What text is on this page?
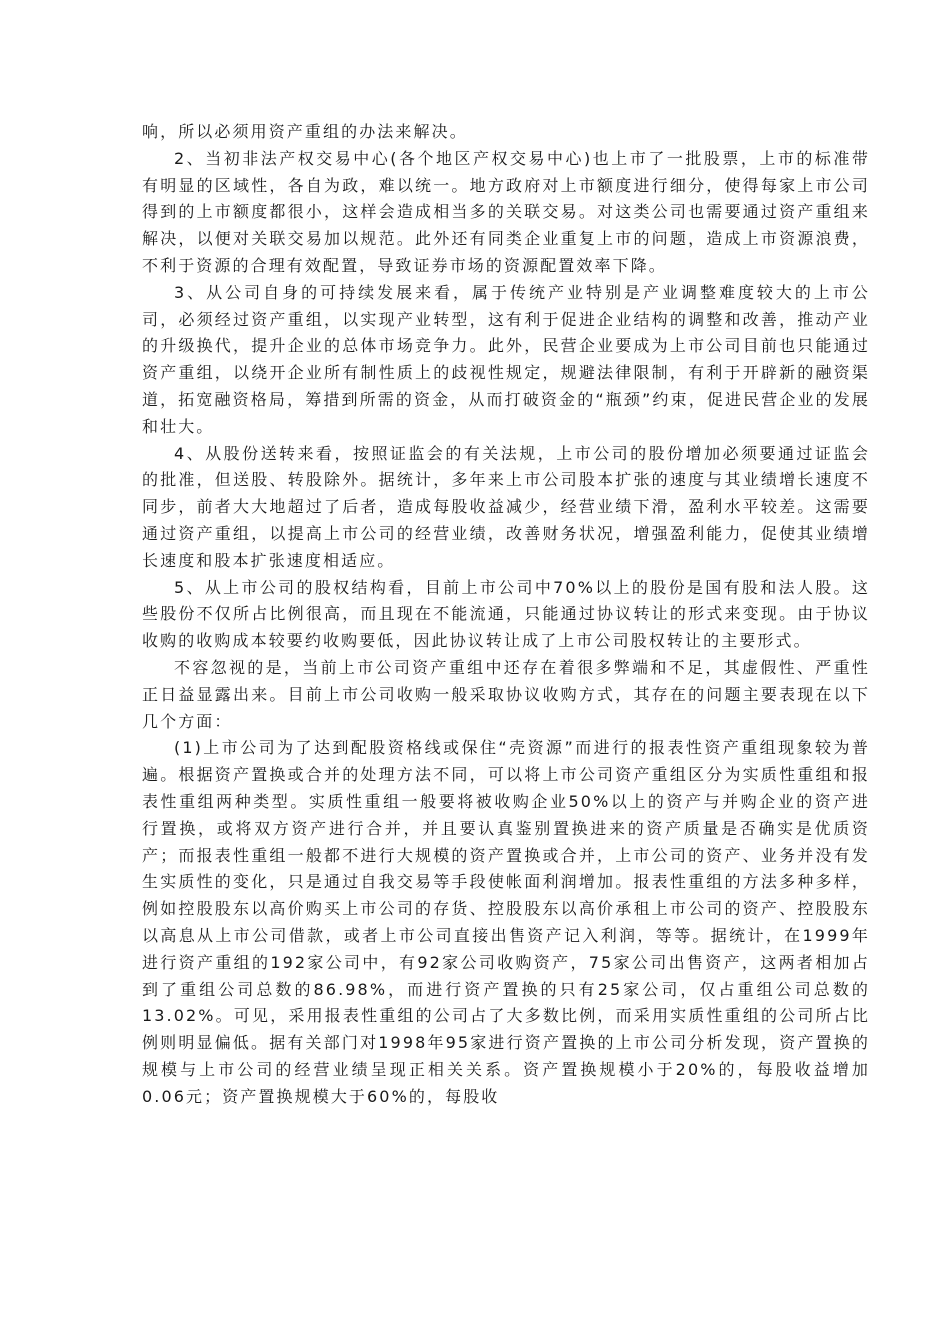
响，所以必须用资产重组的办法来解决。

2、当初非法产权交易中心(各个地区产权交易中心)也上市了一批股票，上市的标准带有明显的区域性，各自为政，难以统一。地方政府对上市额度进行细分，使得每家上市公司得到的上市额度都很小，这样会造成相当多的关联交易。对这类公司也需要通过资产重组来解决，以便对关联交易加以规范。此外还有同类企业重复上市的问题，造成上市资源浪费，不利于资源的合理有效配置，导致证券市场的资源配置效率下降。

3、从公司自身的可持续发展来看，属于传统产业特别是产业调整难度较大的上市公司，必须经过资产重组，以实现产业转型，这有利于促进企业结构的调整和改善，推动产业的升级换代，提升企业的总体市场竞争力。此外，民营企业要成为上市公司目前也只能通过资产重组，以绕开企业所有制性质上的歧视性规定，规避法律限制，有利于开辟新的融资渠道，拓宽融资格局，筹措到所需的资金，从而打破资金的“瓶颈”约束，促进民营企业的发展和壮大。

4、从股份送转来看，按照证监会的有关法规，上市公司的股份增加必须要通过证监会的批准，但送股、转股除外。据统计，多年来上市公司股本扩张的速度与其业绩增长速度不同步，前者大大地超过了后者，造成每股收益减少，经营业绩下滑，盈利水平较差。这需要通过资产重组，以提高上市公司的经营业绩，改善财务状况，增强盈利能力，促使其业绩增长速度和股本扩张速度相适应。

5、从上市公司的股权结构看，目前上市公司中70%以上的股份是国有股和法人股。这些股份不仅所占比例很高，而且现在不能流通，只能通过协议转让的形式来变现。由于协议收购的收购成本较要约收购要低，因此协议转让成了上市公司股权转让的主要形式。

不容忽视的是，当前上市公司资产重组中还存在着很多弊端和不足，其虚假性、严重性正日益显露出来。目前上市公司收购一般采取协议收购方式，其存在的问题主要表现在以下几个方面：

(1)上市公司为了达到配股资格线或保住“壳资源”而进行的报表性资产重组现象较为普遍。根据资产置换或合并的处理方法不同，可以将上市公司资产重组区分为实质性重组和报表性重组两种类型。实质性重组一般要将被收购企业50%以上的资产与并购企业的资产进行置换，或将双方资产进行合并，并且要认真鉴别置换进来的资产质量是否确实是优质资产；而报表性重组一般都不进行大规模的资产置换或合并，上市公司的资产、业务并没有发生实质性的变化，只是通过自我交易等手段使帐面利润增加。报表性重组的方法多种多样，例如控股股东以高价购买上市公司的存货、控股股东以高价承租上市公司的资产、控股股东以高息从上市公司借款，或者上市公司直接出售资产记入利润，等等。据统计，在1999年进行资产重组的192家公司中，有92家公司收购资产，75家公司出售资产，这两者相加占到了重组公司总数的86.98%，而进行资产置换的只有25家公司，仅占重组公司总数的13.02%。可见，采用报表性重组的公司占了大多数比例，而采用实质性重组的公司所占比例则明显偏低。据有关部门对1998年95家进行资产置换的上市公司分析发现，资产置换的规模与上市公司的经营业绩呈现正相关关系。资产置换规模小于20%的，每股收益增加0.06元；资产置换规模大于60%的，每股收
